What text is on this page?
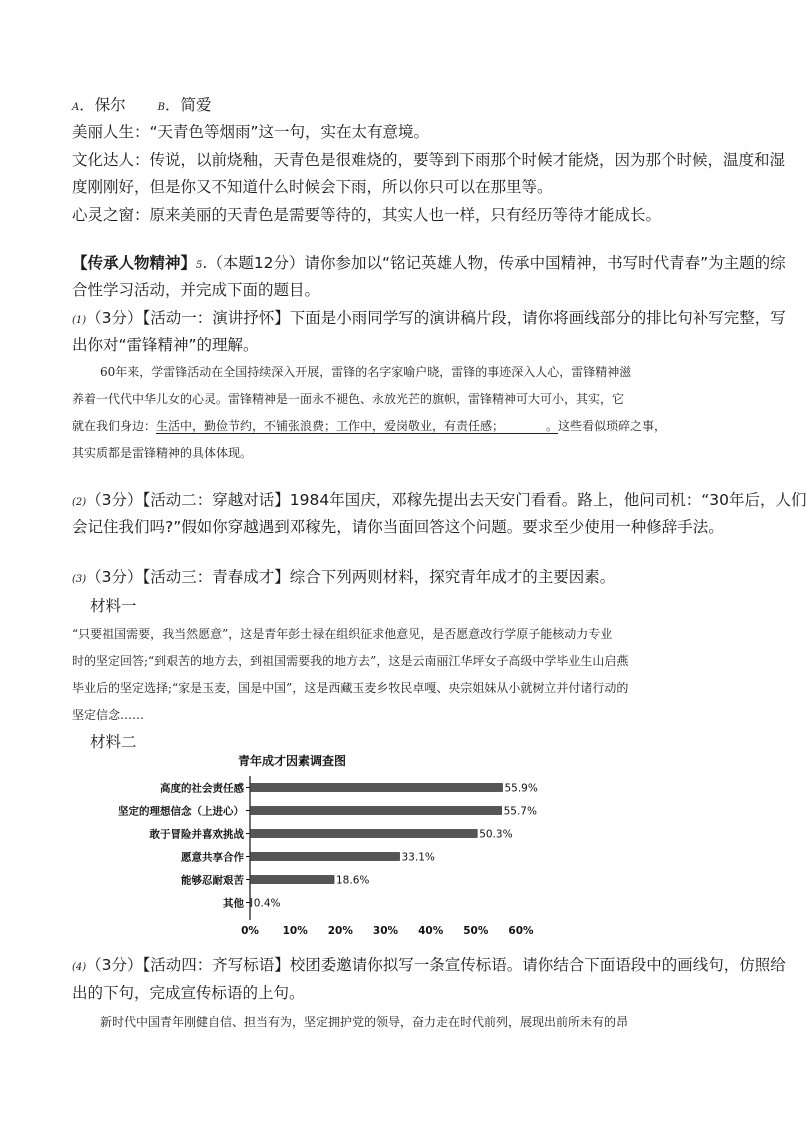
A．保尔	B．简爱
美丽人生：“天青色等烟雨”这一句，实在太有意境。
文化达人：传说，以前烧釉，天青色是很难烧的，要等到下雨那个时候才能烧，因为那个时候，温度和湿
度刚刚好，但是你又不知道什么时候会下雨，所以你只可以在那里等。
心灵之窗：原来美丽的天青色是需要等待的，其实人也一样，只有经历等待才能成长。
【传承人物精神】5.（本题12分）请你参加以“铭记英雄人物，传承中国精神，书写时代青春”为主题的综
合性学习活动，并完成下面的题目。
(1)（3分）【活动一：演讲抒怀】下面是小雨同学写的演讲稿片段，请你将画线部分的排比句补写完整，写
出你对“雷锋精神”的理解。
60年来，学雷锋活动在全国持续深入开展，雷锋的名字家喻户晓，雷锋的事迹深入人心，雷锋精神滋
养着一代代中华儿女的心灵。雷锋精神是一面永不褪色、永放光芒的旗帜，雷锋精神可大可小，其实，它
就在我们身边：生活中，勤俭节约，不铺张浪费；工作中，爱岗敬业，有责任感；　　　　。这些看似琐碎之事，
其实质都是雷锋精神的具体体现。
(2)（3分）【活动二：穿越对话】1984年国庆，邓稼先提出去天安门看看。路上，他问司机：“30年后，人们
会记住我们吗?”假如你穿越遇到邓稼先，请你当面回答这个问题。要求至少使用一种修辞手法。
(3)（3分）【活动三：青春成才】综合下列两则材料，探究青年成才的主要因素。
材料一
“只要祖国需要，我当然愿意”，这是青年彭士禄在组织征求他意见，是否愿意改行学原子能核动力专业
时的坚定回答;“到艰苦的地方去，到祖国需要我的地方去”，这是云南丽江华坪女子高级中学毕业生山启燕
毕业后的坚定选择;“家是玉麦，国是中国”，这是西藏玉麦乡牧民卓嘎、央宗姐妹从小就树立并付诸行动的
坚定信念……
材料二
青年成才因素调查图
高度的社会责任感	55.9%
坚定的理想信念（上进心）	55.7%
敢于冒险并喜欢挑战	50.3%
愿意共享合作	33.1%
能够忍耐艰苦	18.6%
其他 0.4%
0% 10% 20% 30% 40% 50% 60%
(4)（3分）【活动四：齐写标语】校团委邀请你拟写一条宣传标语。请你结合下面语段中的画线句，仿照给
出的下句，完成宣传标语的上句。
新时代中国青年刚健自信、担当有为，坚定拥护党的领导，奋力走在时代前列，展现出前所未有的昂
